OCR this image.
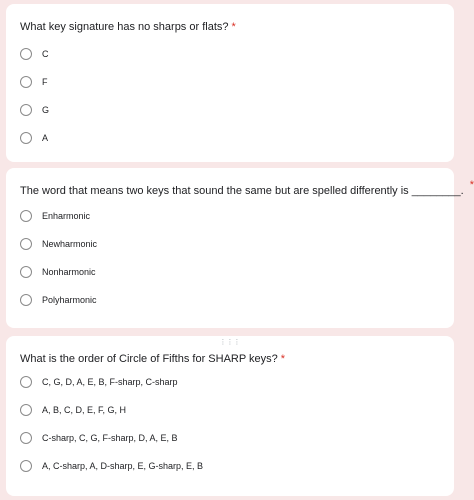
What key signature has no sharps or flats? *
C
F
G
A
The word that means two keys that sound the same but are spelled differently is ________. *
Enharmonic
Newharmonic
Nonharmonic
Polyharmonic
⋮⋮⋮
What is the order of Circle of Fifths for SHARP keys? *
C, G, D, A, E, B, F-sharp, C-sharp
A, B, C, D, E, F, G, H
C-sharp, C, G, F-sharp, D, A, E, B
A, C-sharp, A, D-sharp, E, G-sharp, E, B
